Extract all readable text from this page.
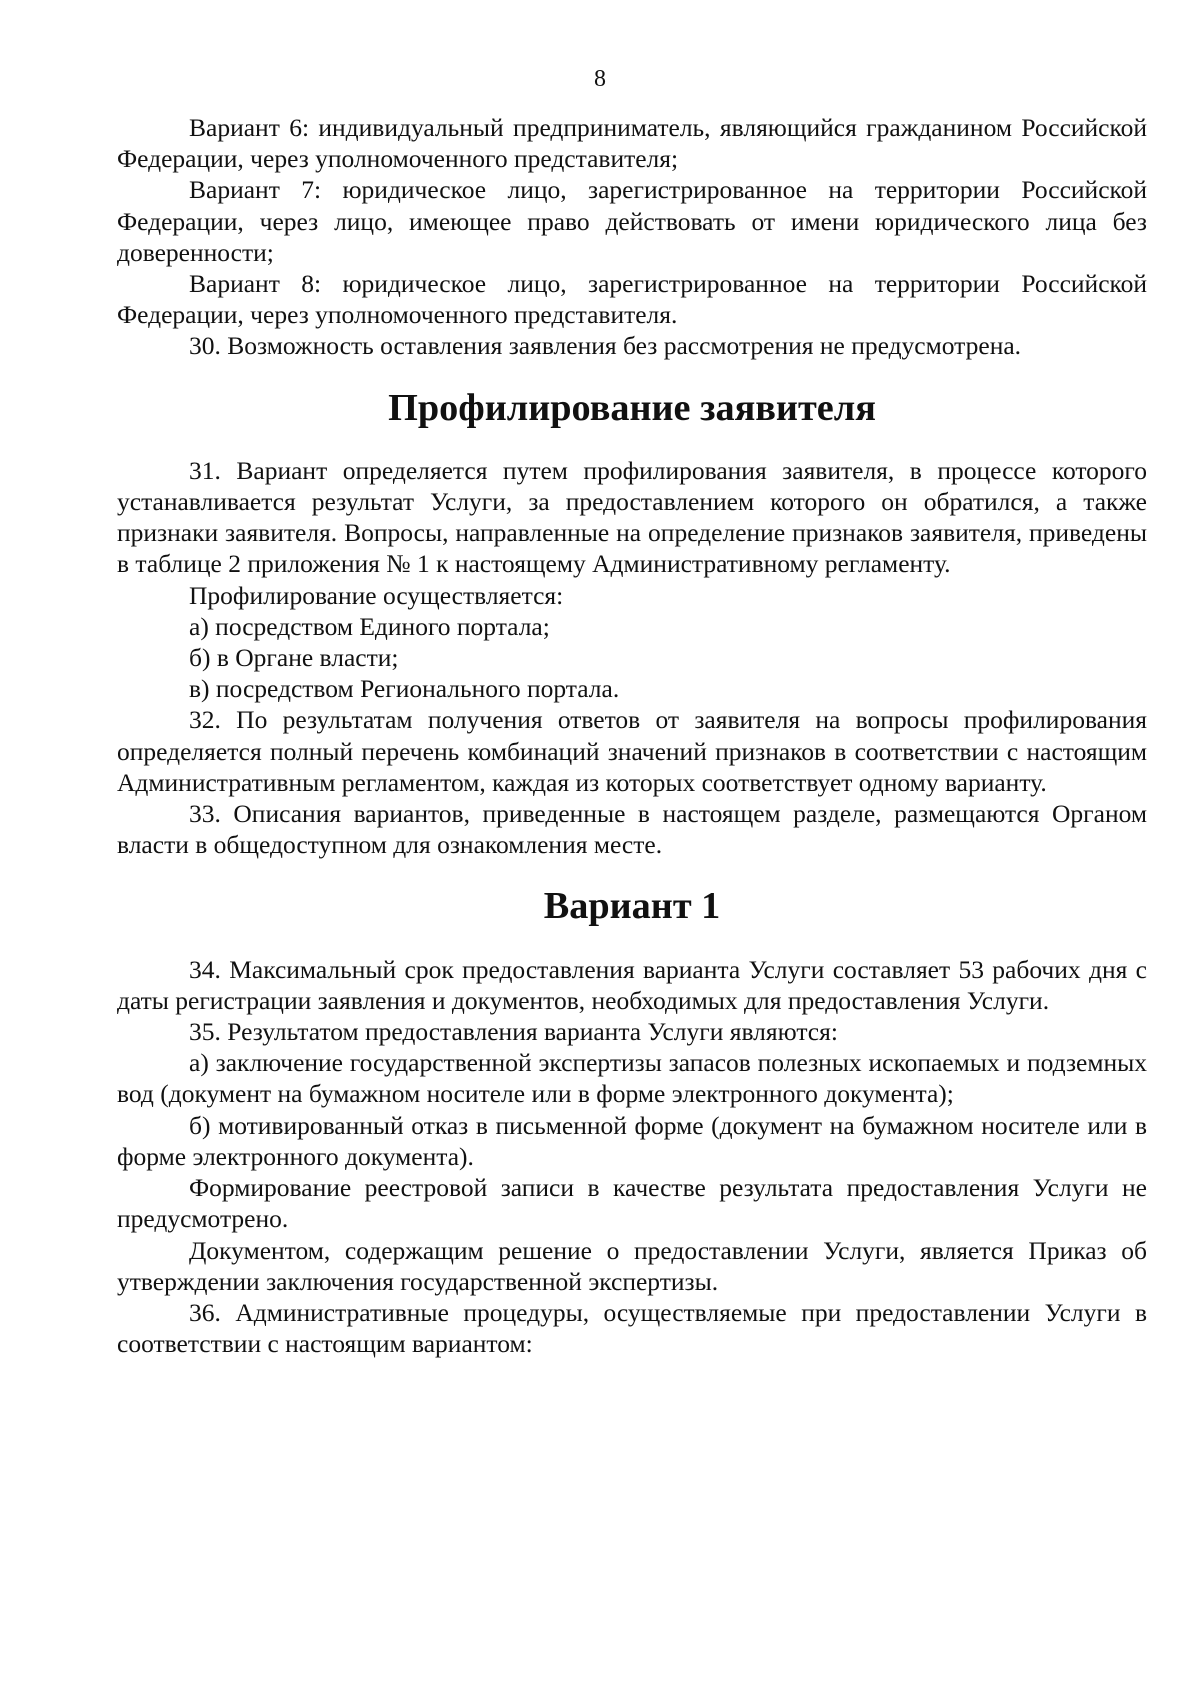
8

Вариант 6: индивидуальный предприниматель, являющийся гражданином Российской Федерации, через уполномоченного представителя;

Вариант 7: юридическое лицо, зарегистрированное на территории Российской Федерации, через лицо, имеющее право действовать от имени юридического лица без доверенности;

Вариант 8: юридическое лицо, зарегистрированное на территории Российской Федерации, через уполномоченного представителя.

30. Возможность оставления заявления без рассмотрения не предусмотрена.

Профилирование заявителя

31. Вариант определяется путем профилирования заявителя, в процессе которого устанавливается результат Услуги, за предоставлением которого он обратился, а также признаки заявителя. Вопросы, направленные на определение признаков заявителя, приведены в таблице 2 приложения № 1 к настоящему Административному регламенту.

Профилирование осуществляется:

а) посредством Единого портала;

б) в Органе власти;

в) посредством Регионального портала.

32. По результатам получения ответов от заявителя на вопросы профилирования определяется полный перечень комбинаций значений признаков в соответствии с настоящим Административным регламентом, каждая из которых соответствует одному варианту.

33. Описания вариантов, приведенные в настоящем разделе, размещаются Органом власти в общедоступном для ознакомления месте.

Вариант 1

34. Максимальный срок предоставления варианта Услуги составляет 53 рабочих дня с даты регистрации заявления и документов, необходимых для предоставления Услуги.

35. Результатом предоставления варианта Услуги являются:

а) заключение государственной экспертизы запасов полезных ископаемых и подземных вод (документ на бумажном носителе или в форме электронного документа);

б) мотивированный отказ в письменной форме (документ на бумажном носителе или в форме электронного документа).

Формирование реестровой записи в качестве результата предоставления Услуги не предусмотрено.

Документом, содержащим решение о предоставлении Услуги, является Приказ об утверждении заключения государственной экспертизы.

36. Административные процедуры, осуществляемые при предоставлении Услуги в соответствии с настоящим вариантом:
